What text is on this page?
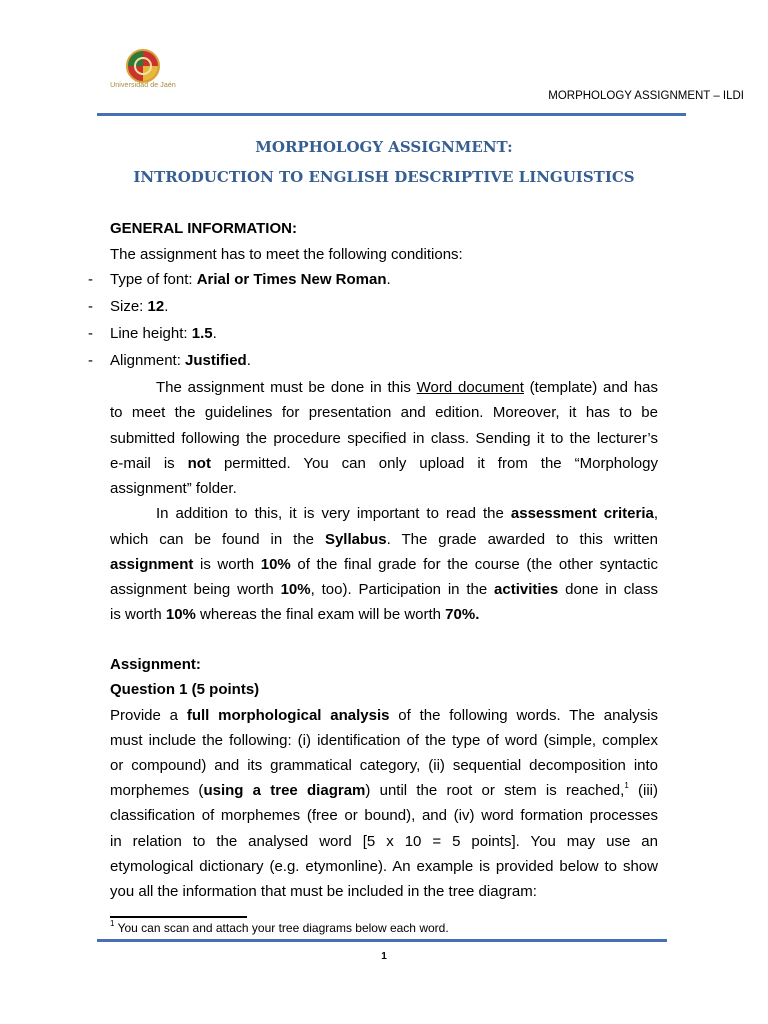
Universidad de Jaén
MORPHOLOGY ASSIGNMENT – ILDI
MORPHOLOGY ASSIGNMENT:
INTRODUCTION TO ENGLISH DESCRIPTIVE LINGUISTICS
GENERAL INFORMATION:
The assignment has to meet the following conditions:
- Type of font: Arial or Times New Roman.
- Size: 12.
- Line height: 1.5.
- Alignment: Justified.
The assignment must be done in this Word document (template) and has
to meet the guidelines for presentation and edition. Moreover, it has to be
submitted following the procedure specified in class. Sending it to the lecturer’s
e-mail is not permitted. You can only upload it from the “Morphology
assignment” folder.
In addition to this, it is very important to read the assessment criteria,
which can be found in the Syllabus. The grade awarded to this written
assignment is worth 10% of the final grade for the course (the other syntactic
assignment being worth 10%, too). Participation in the activities done in class
is worth 10% whereas the final exam will be worth 70%.
Assignment:
Question 1 (5 points)
Provide a full morphological analysis of the following words. The analysis
must include the following: (i) identification of the type of word (simple, complex
or compound) and its grammatical category, (ii) sequential decomposition into
morphemes (using a tree diagram) until the root or stem is reached,$^1$ (iii)
classification of morphemes (free or bound), and (iv) word formation processes
in relation to the analysed word [5 x 10 = 5 points]. You may use an
etymological dictionary (e.g. etymonline). An example is provided below to show
you all the information that must be included in the tree diagram:
$^1$ You can scan and attach your tree diagrams below each word.
1
